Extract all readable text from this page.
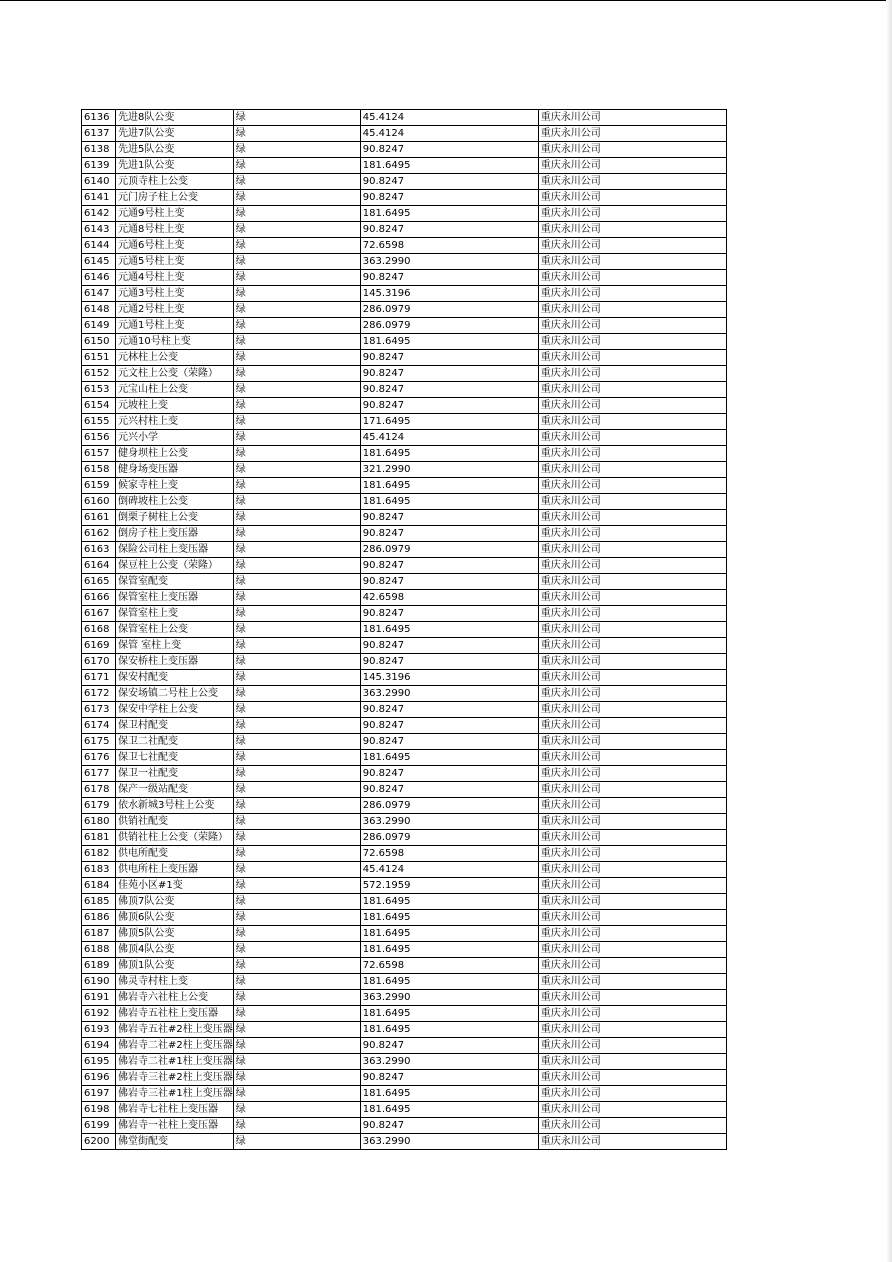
6136	先进8队公变	绿	45.4124	重庆永川公司
6137	先进7队公变	绿	45.4124	重庆永川公司
6138	先进5队公变	绿	90.8247	重庆永川公司
6139	先进1队公变	绿	181.6495	重庆永川公司
6140	元顶寺柱上公变	绿	90.8247	重庆永川公司
6141	元门房子柱上公变	绿	90.8247	重庆永川公司
6142	元通9号柱上变	绿	181.6495	重庆永川公司
6143	元通8号柱上变	绿	90.8247	重庆永川公司
6144	元通6号柱上变	绿	72.6598	重庆永川公司
6145	元通5号柱上变	绿	363.2990	重庆永川公司
6146	元通4号柱上变	绿	90.8247	重庆永川公司
6147	元通3号柱上变	绿	145.3196	重庆永川公司
6148	元通2号柱上变	绿	286.0979	重庆永川公司
6149	元通1号柱上变	绿	286.0979	重庆永川公司
6150	元通10号柱上变	绿	181.6495	重庆永川公司
6151	元林柱上公变	绿	90.8247	重庆永川公司
6152	元文柱上公变（荣隆）	绿	90.8247	重庆永川公司
6153	元宝山柱上公变	绿	90.8247	重庆永川公司
6154	元坡柱上变	绿	90.8247	重庆永川公司
6155	元兴村柱上变	绿	171.6495	重庆永川公司
6156	元兴小学	绿	45.4124	重庆永川公司
6157	健身坝柱上公变	绿	181.6495	重庆永川公司
6158	健身场变压器	绿	321.2990	重庆永川公司
6159	候家寺柱上变	绿	181.6495	重庆永川公司
6160	倒碑坡柱上公变	绿	181.6495	重庆永川公司
6161	倒栗子树柱上公变	绿	90.8247	重庆永川公司
6162	倒房子柱上变压器	绿	90.8247	重庆永川公司
6163	保险公司柱上变压器	绿	286.0979	重庆永川公司
6164	保豆柱上公变（荣隆）	绿	90.8247	重庆永川公司
6165	保管室配变	绿	90.8247	重庆永川公司
6166	保管室柱上变压器	绿	42.6598	重庆永川公司
6167	保管室柱上变	绿	90.8247	重庆永川公司
6168	保管室柱上公变	绿	181.6495	重庆永川公司
6169	保管 室柱上变	绿	90.8247	重庆永川公司
6170	保安桥柱上变压器	绿	90.8247	重庆永川公司
6171	保安村配变	绿	145.3196	重庆永川公司
6172	保安场镇二号柱上公变	绿	363.2990	重庆永川公司
6173	保安中学柱上公变	绿	90.8247	重庆永川公司
6174	保卫村配变	绿	90.8247	重庆永川公司
6175	保卫二社配变	绿	90.8247	重庆永川公司
6176	保卫七社配变	绿	181.6495	重庆永川公司
6177	保卫一社配变	绿	90.8247	重庆永川公司
6178	保产一级站配变	绿	90.8247	重庆永川公司
6179	依水新城3号柱上公变	绿	286.0979	重庆永川公司
6180	供销社配变	绿	363.2990	重庆永川公司
6181	供销社柱上公变（荣隆）	绿	286.0979	重庆永川公司
6182	供电所配变	绿	72.6598	重庆永川公司
6183	供电所柱上变压器	绿	45.4124	重庆永川公司
6184	佳苑小区#1变	绿	572.1959	重庆永川公司
6185	佛顶7队公变	绿	181.6495	重庆永川公司
6186	佛顶6队公变	绿	181.6495	重庆永川公司
6187	佛顶5队公变	绿	181.6495	重庆永川公司
6188	佛顶4队公变	绿	181.6495	重庆永川公司
6189	佛顶1队公变	绿	72.6598	重庆永川公司
6190	佛灵寺村柱上变	绿	181.6495	重庆永川公司
6191	佛岩寺六社柱上公变	绿	363.2990	重庆永川公司
6192	佛岩寺五社柱上变压器	绿	181.6495	重庆永川公司
6193	佛岩寺五社#2柱上变压器	绿	181.6495	重庆永川公司
6194	佛岩寺二社#2柱上变压器	绿	90.8247	重庆永川公司
6195	佛岩寺二社#1柱上变压器	绿	363.2990	重庆永川公司
6196	佛岩寺三社#2柱上变压器	绿	90.8247	重庆永川公司
6197	佛岩寺三社#1柱上变压器	绿	181.6495	重庆永川公司
6198	佛岩寺七社柱上变压器	绿	181.6495	重庆永川公司
6199	佛岩寺一社柱上变压器	绿	90.8247	重庆永川公司
6200	佛堂街配变	绿	363.2990	重庆永川公司
